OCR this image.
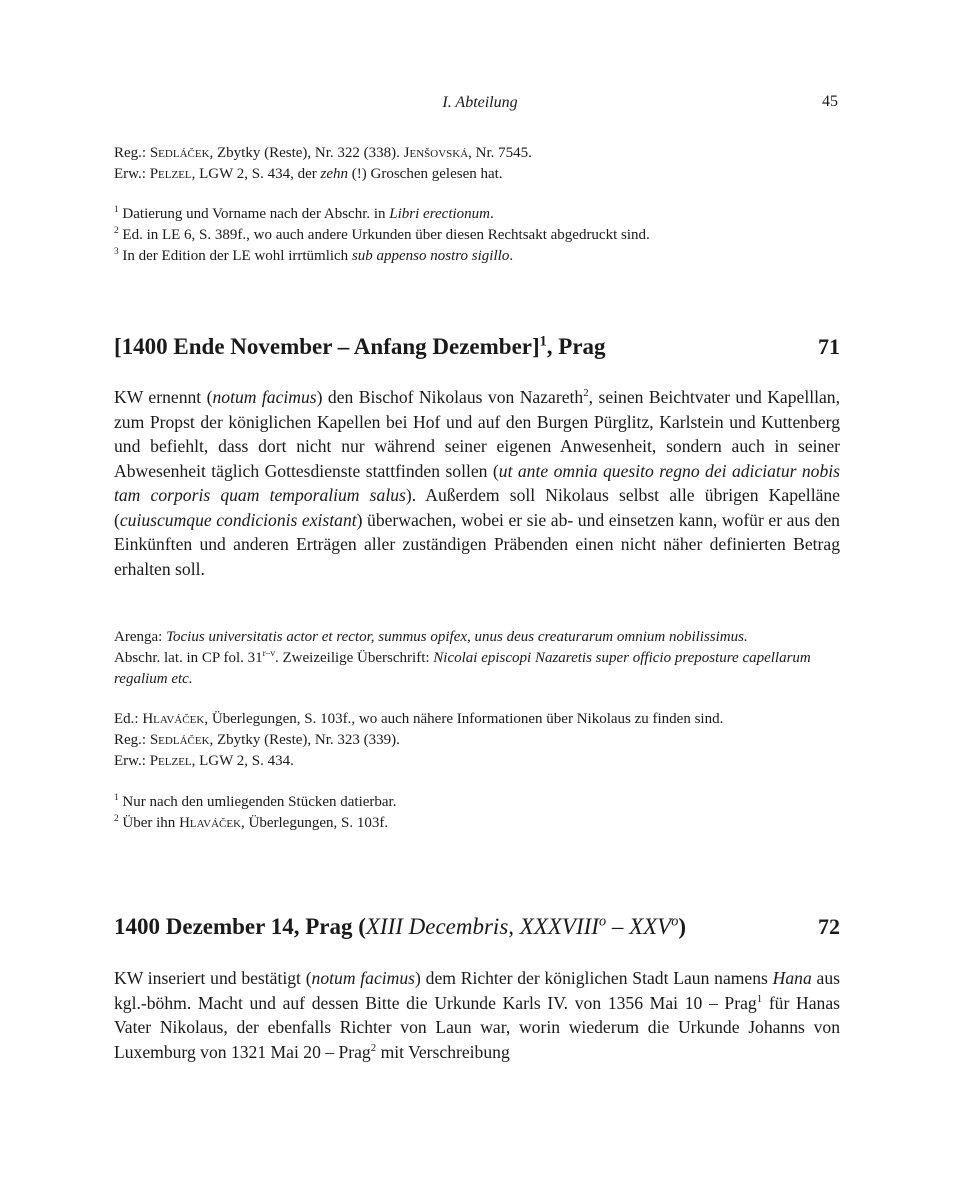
I. Abteilung	45
Reg.: Sedláček, Zbytky (Reste), Nr. 322 (338). Jenšovská, Nr. 7545.
Erw.: Pelzel, LGW 2, S. 434, der zehn (!) Groschen gelesen hat.
$^1$ Datierung und Vorname nach der Abschr. in Libri erectionum.
$^2$ Ed. in LE 6, S. 389f., wo auch andere Urkunden über diesen Rechtsakt abgedruckt sind.
$^3$ In der Edition der LE wohl irrtümlich sub appenso nostro sigillo.
[1400 Ende November – Anfang Dezember]$^1$, Prag	71

KW ernennt (notum facimus) den Bischof Nikolaus von Nazareth$^2$, seinen Beichtvater und Kapelllan, zum Propst der königlichen Kapellen bei Hof und auf den Burgen Pürglitz, Karlstein und Kuttenberg und befiehlt, dass dort nicht nur während seiner eigenen Anwesenheit, sondern auch in seiner Abwesenheit täglich Gottesdienste stattfinden sollen (ut ante omnia quesito regno dei adiciatur nobis tam corporis quam temporalium salus). Außerdem soll Nikolaus selbst alle übrigen Kapelläne (cuiuscumque condicionis existant) überwachen, wobei er sie ab- und einsetzen kann, wofür er aus den Einkünften und anderen Erträgen aller zuständigen Präbenden einen nicht näher definierten Betrag erhalten soll.

Arenga: Tocius universitatis actor et rector, summus opifex, unus deus creaturarum omnium nobilissimus.
Abschr. lat. in CP fol. 31$^{r-v}$. Zweizeilige Überschrift: Nicolai episcopi Nazaretis super officio preposture capellarum regalium etc.
Ed.: Hlaváček, Überlegungen, S. 103f., wo auch nähere Informationen über Nikolaus zu finden sind.
Reg.: Sedláček, Zbytky (Reste), Nr. 323 (339).
Erw.: Pelzel, LGW 2, S. 434.
$^1$ Nur nach den umliegenden Stücken datierbar.
$^2$ Über ihn Hlaváček, Überlegungen, S. 103f.
1400 Dezember 14, Prag (XIII Decembris, XXXVIII$^o$ – XXV$^o$)	72

KW inseriert und bestätigt (notum facimus) dem Richter der königlichen Stadt Laun namens Hana aus kgl.-böhm. Macht und auf dessen Bitte die Urkunde Karls IV. von 1356 Mai 10 – Prag$^1$ für Hanas Vater Nikolaus, der ebenfalls Richter von Laun war, worin wiederum die Urkunde Johanns von Luxemburg von 1321 Mai 20 – Prag$^2$ mit Verschreibung
